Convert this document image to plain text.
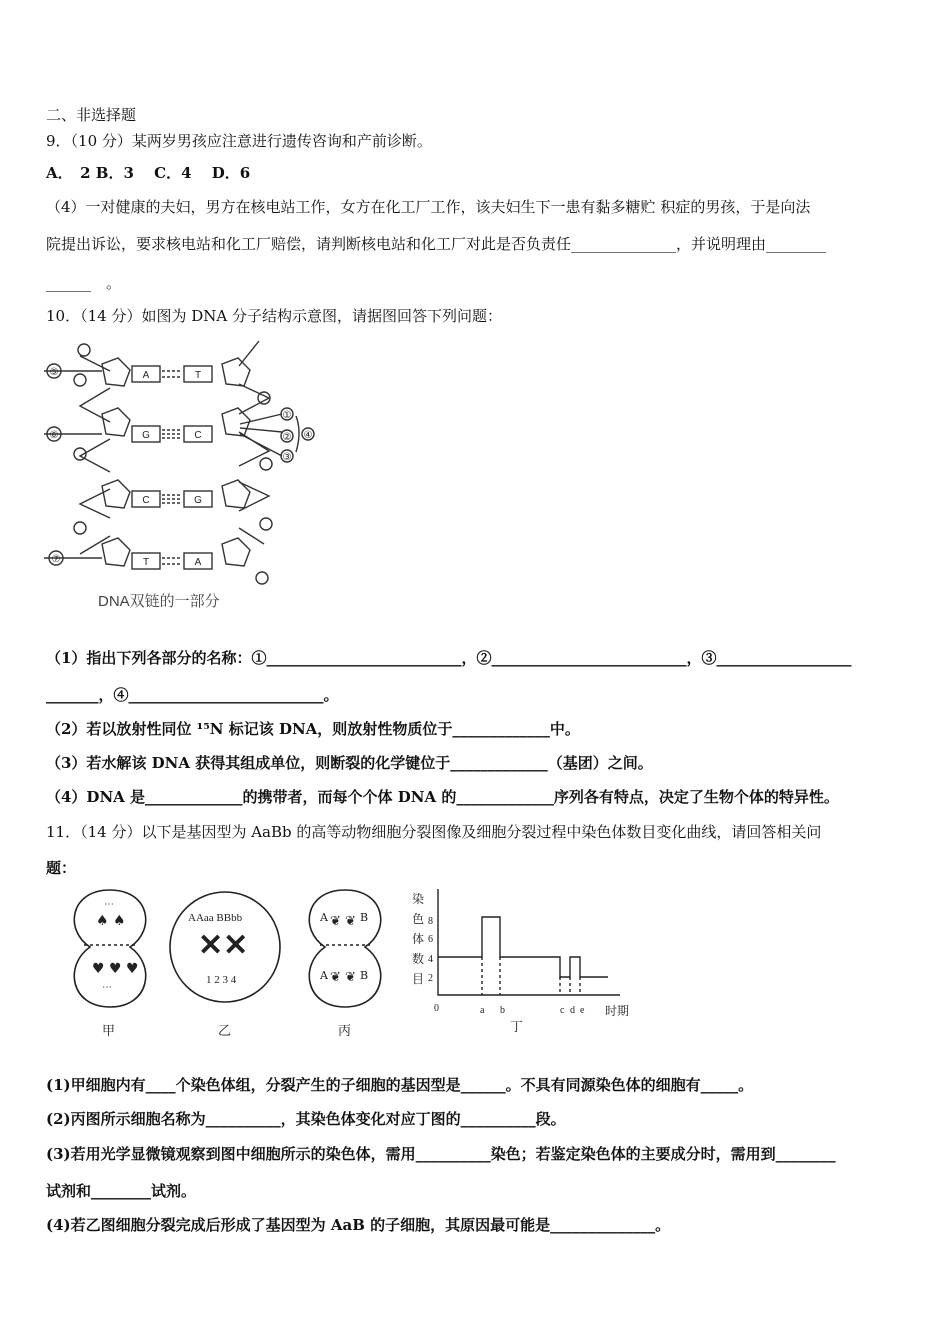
二、非选择题
9．（10 分）某两岁男孩应注意进行遗传咨询和产前诊断。
A．　2 B．3　 C．4　 D．6
（4）一对健康的夫妇，男方在核电站工作，女方在化工厂工作，该夫妇生下一患有黏多糖贮 积症的男孩，于是向法
院提出诉讼，要求核电站和化工厂赔偿，请判断核电站和化工厂对此是否负责任______________，并说明理由________
______　。
10．（14 分）如图为 DNA 分子结构示意图，请据图回答下列问题：
A	T
G	C
C	G
T	A
⑤
⑥
⑦
①
②
③
④
DNA双链的一部分
（1）指出下列各部分的名称：①__________________________，②__________________________，③__________________
_______，④__________________________。
（2）若以放射性同位 ¹⁵N 标记该 DNA，则放射性物质位于_____________中。
（3）若水解该 DNA 获得其组成单位，则断裂的化学键位于_____________（基团）之间。
（4）DNA 是_____________的携带者，而每个个体 DNA 的_____________序列各有特点，决定了生物个体的特异性。
11．（14 分）以下是基因型为 AaBb 的高等动物细胞分裂图像及细胞分裂过程中染色体数目变化曲线，请回答相关问
题：
♠ ♠
⋯
♥ ♥ ♥
⋯
AAaa BBbb
✕✕
1 2 3 4
A	B
A	B
❦ ❦
❦ ❦
染
色
体
数
目
8
6
4
2
0	a b	c d e 时期
甲	乙	丙	丁
(1)甲细胞内有____个染色体组，分裂产生的子细胞的基因型是______。不具有同源染色体的细胞有_____。
(2)丙图所示细胞名称为__________，其染色体变化对应丁图的__________段。
(3)若用光学显微镜观察到图中细胞所示的染色体，需用__________染色；若鉴定染色体的主要成分时，需用到________
试剂和________试剂。
(4)若乙图细胞分裂完成后形成了基因型为 AaB 的子细胞，其原因最可能是______________。
